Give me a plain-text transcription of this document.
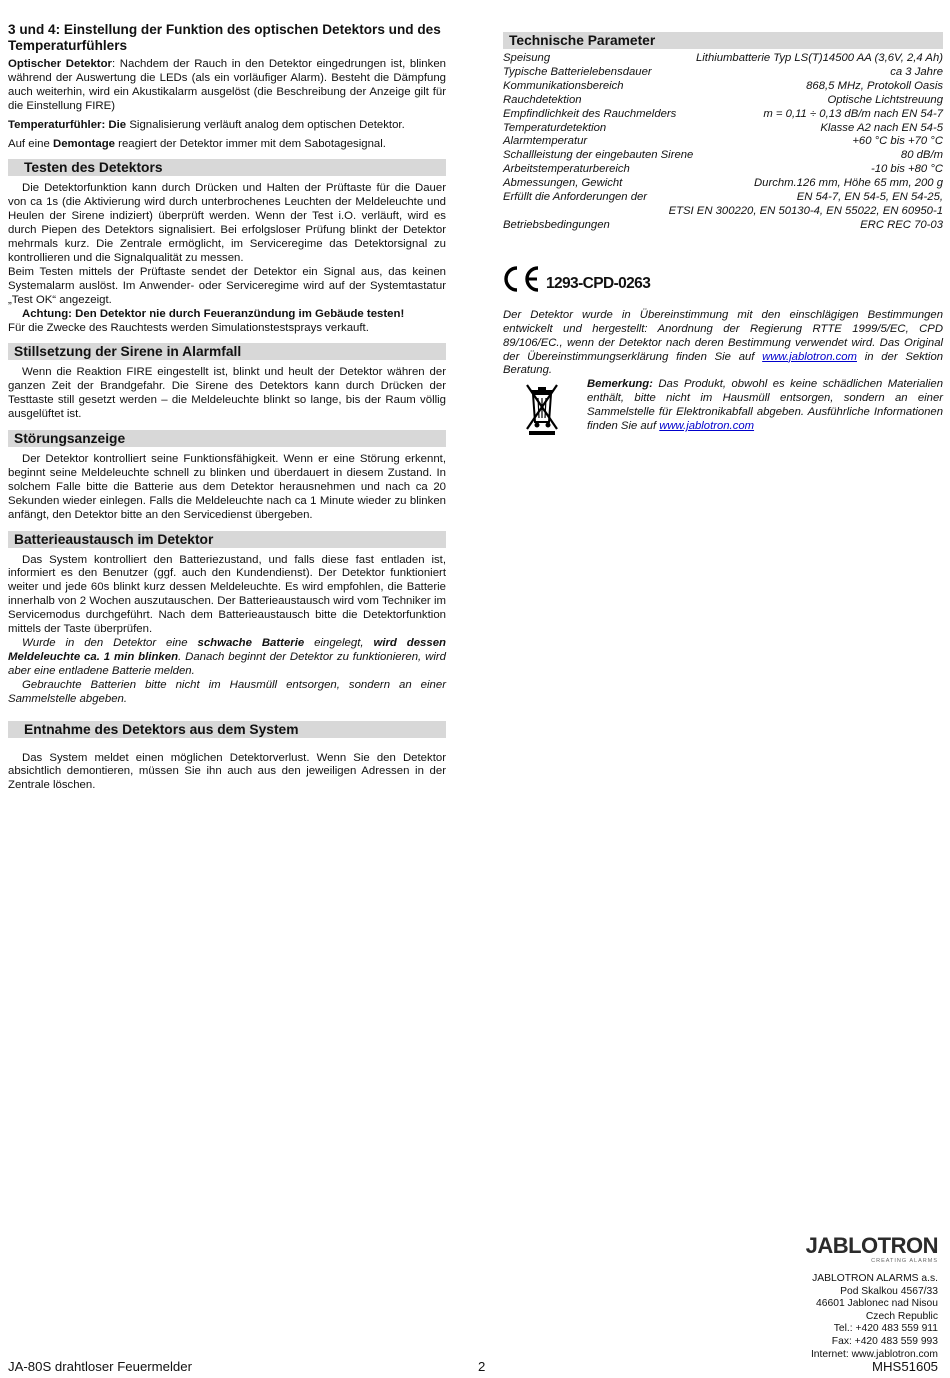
3 und 4: Einstellung der Funktion des optischen Detektors und des Temperaturfühlers

Optischer Detektor: Nachdem der Rauch in den Detektor eingedrungen ist, blinken während der Auswertung die LEDs (als ein vorläufiger Alarm). Besteht die Dämpfung auch weiterhin, wird ein Akustikalarm ausgelöst (die Beschreibung der Anzeige gilt für die Einstellung FIRE)

Temperaturfühler: Die Signalisierung verläuft analog dem optischen Detektor.

Auf eine Demontage reagiert der Detektor immer mit dem Sabotagesignal.

Testen des Detektors

Die Detektorfunktion kann durch Drücken und Halten der Prüftaste für die Dauer von ca 1s (die Aktivierung wird durch unterbrochenes Leuchten der Meldeleuchte und Heulen der Sirene indiziert) überprüft werden. Wenn der Test i.O. verläuft, wird es durch Piepen des Detektors signalisiert. Bei erfolgsloser Prüfung blinkt der Detektor mehrmals kurz. Die Zentrale ermöglicht, im Serviceregime das Detektorsignal zu kontrollieren und die Signalqualität zu messen.

Beim Testen mittels der Prüftaste sendet der Detektor ein Signal aus, das keinen Systemalarm auslöst. Im Anwender- oder Serviceregime wird auf der Systemtastatur „Test OK“ angezeigt.

Achtung: Den Detektor nie durch Feueranzündung im Gebäude testen!

Für die Zwecke des Rauchtests werden Simulationstestsprays verkauft.

Stillsetzung der Sirene in Alarmfall

Wenn die Reaktion FIRE eingestellt ist, blinkt und heult der Detektor währen der ganzen Zeit der Brandgefahr. Die Sirene des Detektors kann durch Drücken der Testtaste still gesetzt werden – die Meldeleuchte blinkt so lange, bis der Raum völlig ausgelüftet ist.

Störungsanzeige

Der Detektor kontrolliert seine Funktionsfähigkeit. Wenn er eine Störung erkennt, beginnt seine Meldeleuchte schnell zu blinken und überdauert in diesem Zustand. In solchem Falle bitte die Batterie aus dem Detektor herausnehmen und nach ca 20 Sekunden wieder einlegen. Falls die Meldeleuchte nach ca 1 Minute wieder zu blinken anfängt, den Detektor bitte an den Servicedienst übergeben.

Batterieaustausch im Detektor

Das System kontrolliert den Batteriezustand, und falls diese fast entladen ist, informiert es den Benutzer (ggf. auch den Kundendienst). Der Detektor funktioniert weiter und jede 60s blinkt kurz dessen Meldeleuchte. Es wird empfohlen, die Batterie innerhalb von 2 Wochen auszutauschen. Der Batterieaustausch wird vom Techniker im Servicemodus durchgeführt. Nach dem Batterieaustausch bitte die Detektorfunktion mittels der Taste überprüfen.

Wurde in den Detektor eine schwache Batterie eingelegt, wird dessen Meldeleuchte ca. 1 min blinken. Danach beginnt der Detektor zu funktionieren, wird aber eine entladene Batterie melden.

Gebrauchte Batterien bitte nicht im Hausmüll entsorgen, sondern an einer Sammelstelle abgeben.

Entnahme des Detektors aus dem System

Das System meldet einen möglichen Detektorverlust. Wenn Sie den Detektor absichtlich demontieren, müssen Sie ihn auch aus den jeweiligen Adressen in der Zentrale löschen.

Technische Parameter
Speisung	Lithiumbatterie Typ LS(T)14500 AA (3,6V, 2,4 Ah)
Typische Batterielebensdauer	ca 3 Jahre
Kommunikationsbereich	868,5 MHz, Protokoll Oasis
Rauchdetektion	Optische Lichtstreuung
Empfindlichkeit des Rauchmelders	m = 0,11 ÷ 0,13 dB/m nach EN 54-7
Temperaturdetektion	Klasse A2 nach EN 54-5
Alarmtemperatur	+60 °C bis +70 °C
Schallleistung der eingebauten Sirene	80 dB/m
Arbeitstemperaturbereich	-10 bis +80 °C
Abmessungen, Gewicht	Durchm.126 mm, Höhe 65 mm, 200 g
Erfüllt die Anforderungen der	EN 54-7, EN 54-5, EN 54-25,
ETSI EN 300220, EN 50130-4, EN 55022, EN 60950-1
Betriebsbedingungen	ERC REC 70-03
1293-CPD-0263
Der Detektor wurde in Übereinstimmung mit den einschlägigen Bestimmungen entwickelt und hergestellt: Anordnung der Regierung RTTE 1999/5/EC, CPD 89/106/EC., wenn der Detektor nach deren Bestimmung verwendet wird. Das Original der Übereinstimmungserklärung finden Sie auf www.jablotron.com in der Sektion Beratung.
Bemerkung: Das Produkt, obwohl es keine schädlichen Materialien enthält, bitte nicht im Hausmüll entsorgen, sondern an einer Sammelstelle für Elektronikabfall abgeben. Ausführliche Informationen finden Sie auf www.jablotron.com
JABLOTRON
CREATING ALARMS
JABLOTRON ALARMS a.s.
Pod Skalkou 4567/33
46601 Jablonec nad Nisou
Czech Republic
Tel.: +420 483 559 911
Fax: +420 483 559 993
Internet: www.jablotron.com
JA-80S drahtloser Feuermelder	2	MHS51605
